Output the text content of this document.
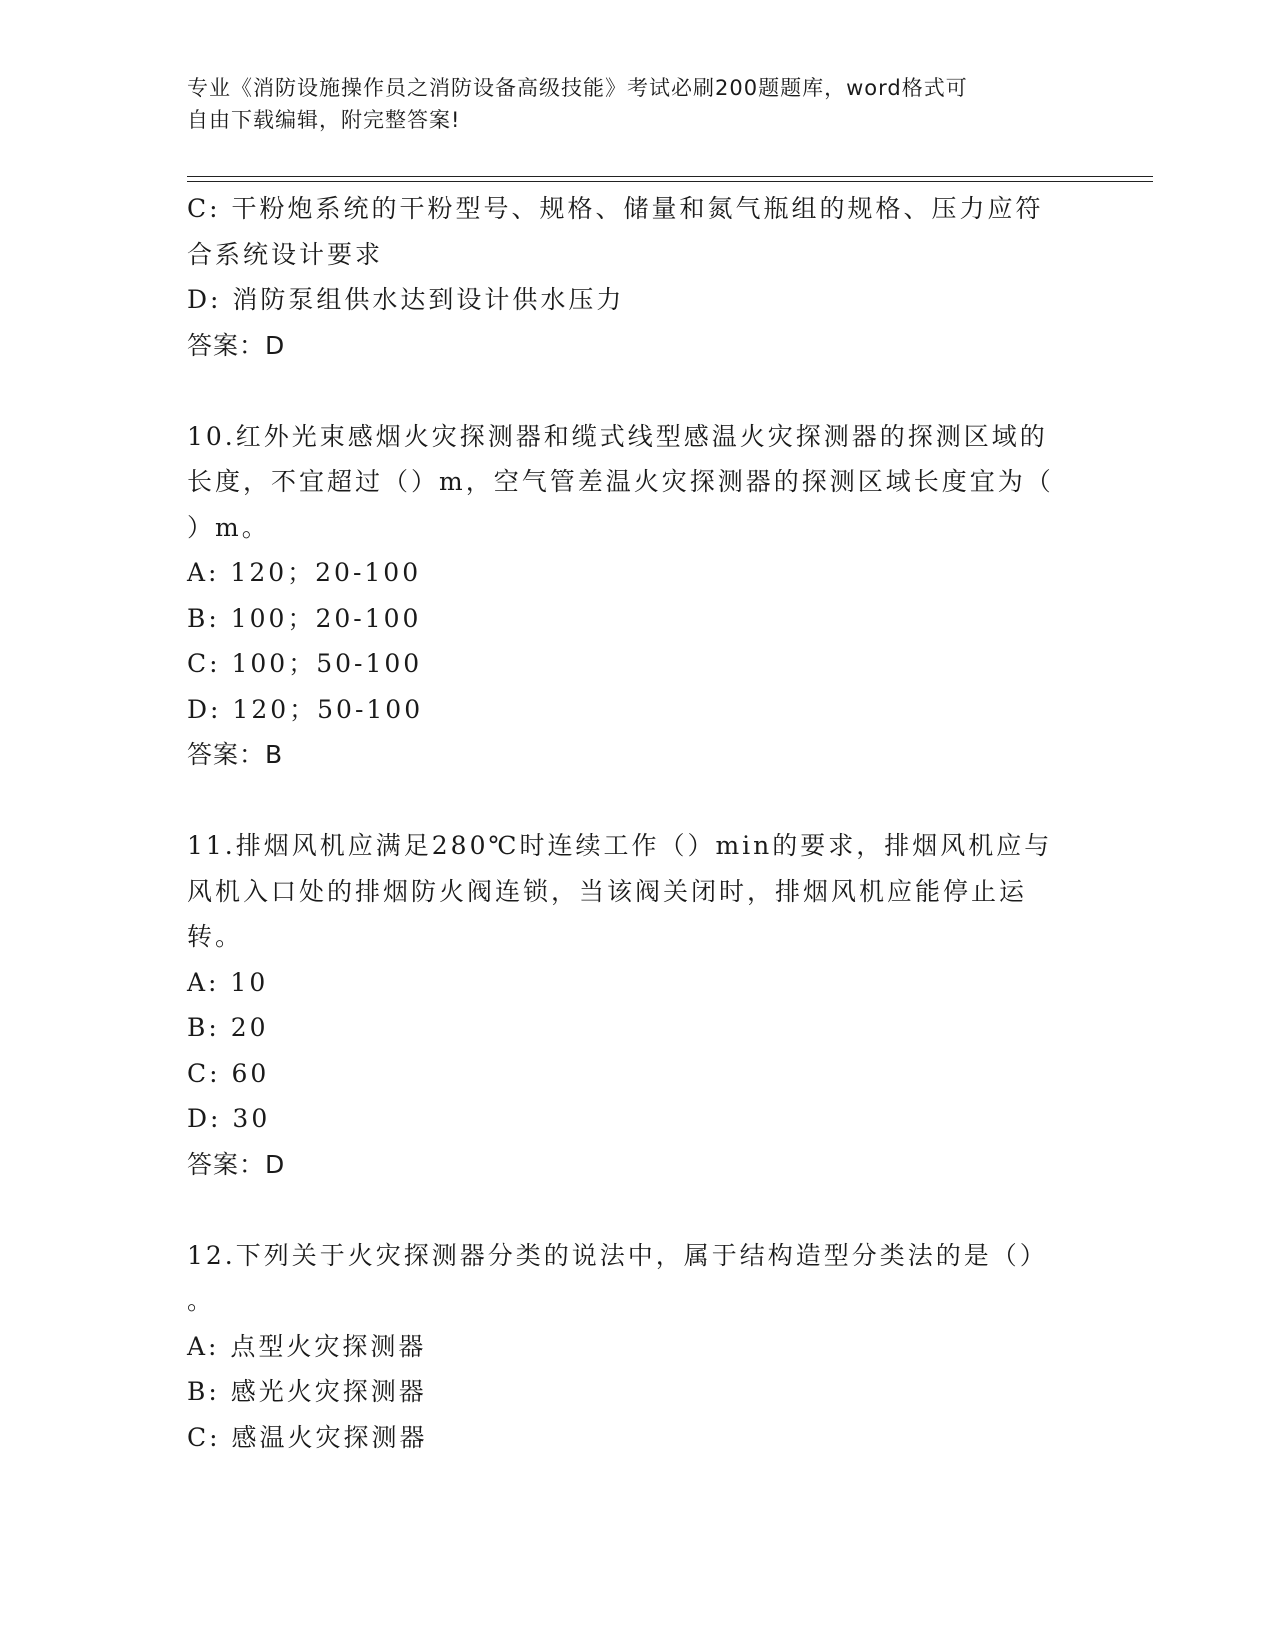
专业《消防设施操作员之消防设备高级技能》考试必刷200题题库，word格式可
自由下载编辑，附完整答案!
C: 干粉炮系统的干粉型号、规格、储量和氮气瓶组的规格、压力应符
合系统设计要求
D: 消防泵组供水达到设计供水压力
答案：D
10.红外光束感烟火灾探测器和缆式线型感温火灾探测器的探测区域的
长度，不宜超过（）m，空气管差温火灾探测器的探测区域长度宜为（
）m。
A: 120；20-100
B: 100；20-100
C: 100；50-100
D: 120；50-100
答案：B
11.排烟风机应满足280℃时连续工作（）min的要求，排烟风机应与
风机入口处的排烟防火阀连锁，当该阀关闭时，排烟风机应能停止运
转。
A: 10
B: 20
C: 60
D: 30
答案：D
12.下列关于火灾探测器分类的说法中，属于结构造型分类法的是（）
。
A: 点型火灾探测器
B: 感光火灾探测器
C: 感温火灾探测器
